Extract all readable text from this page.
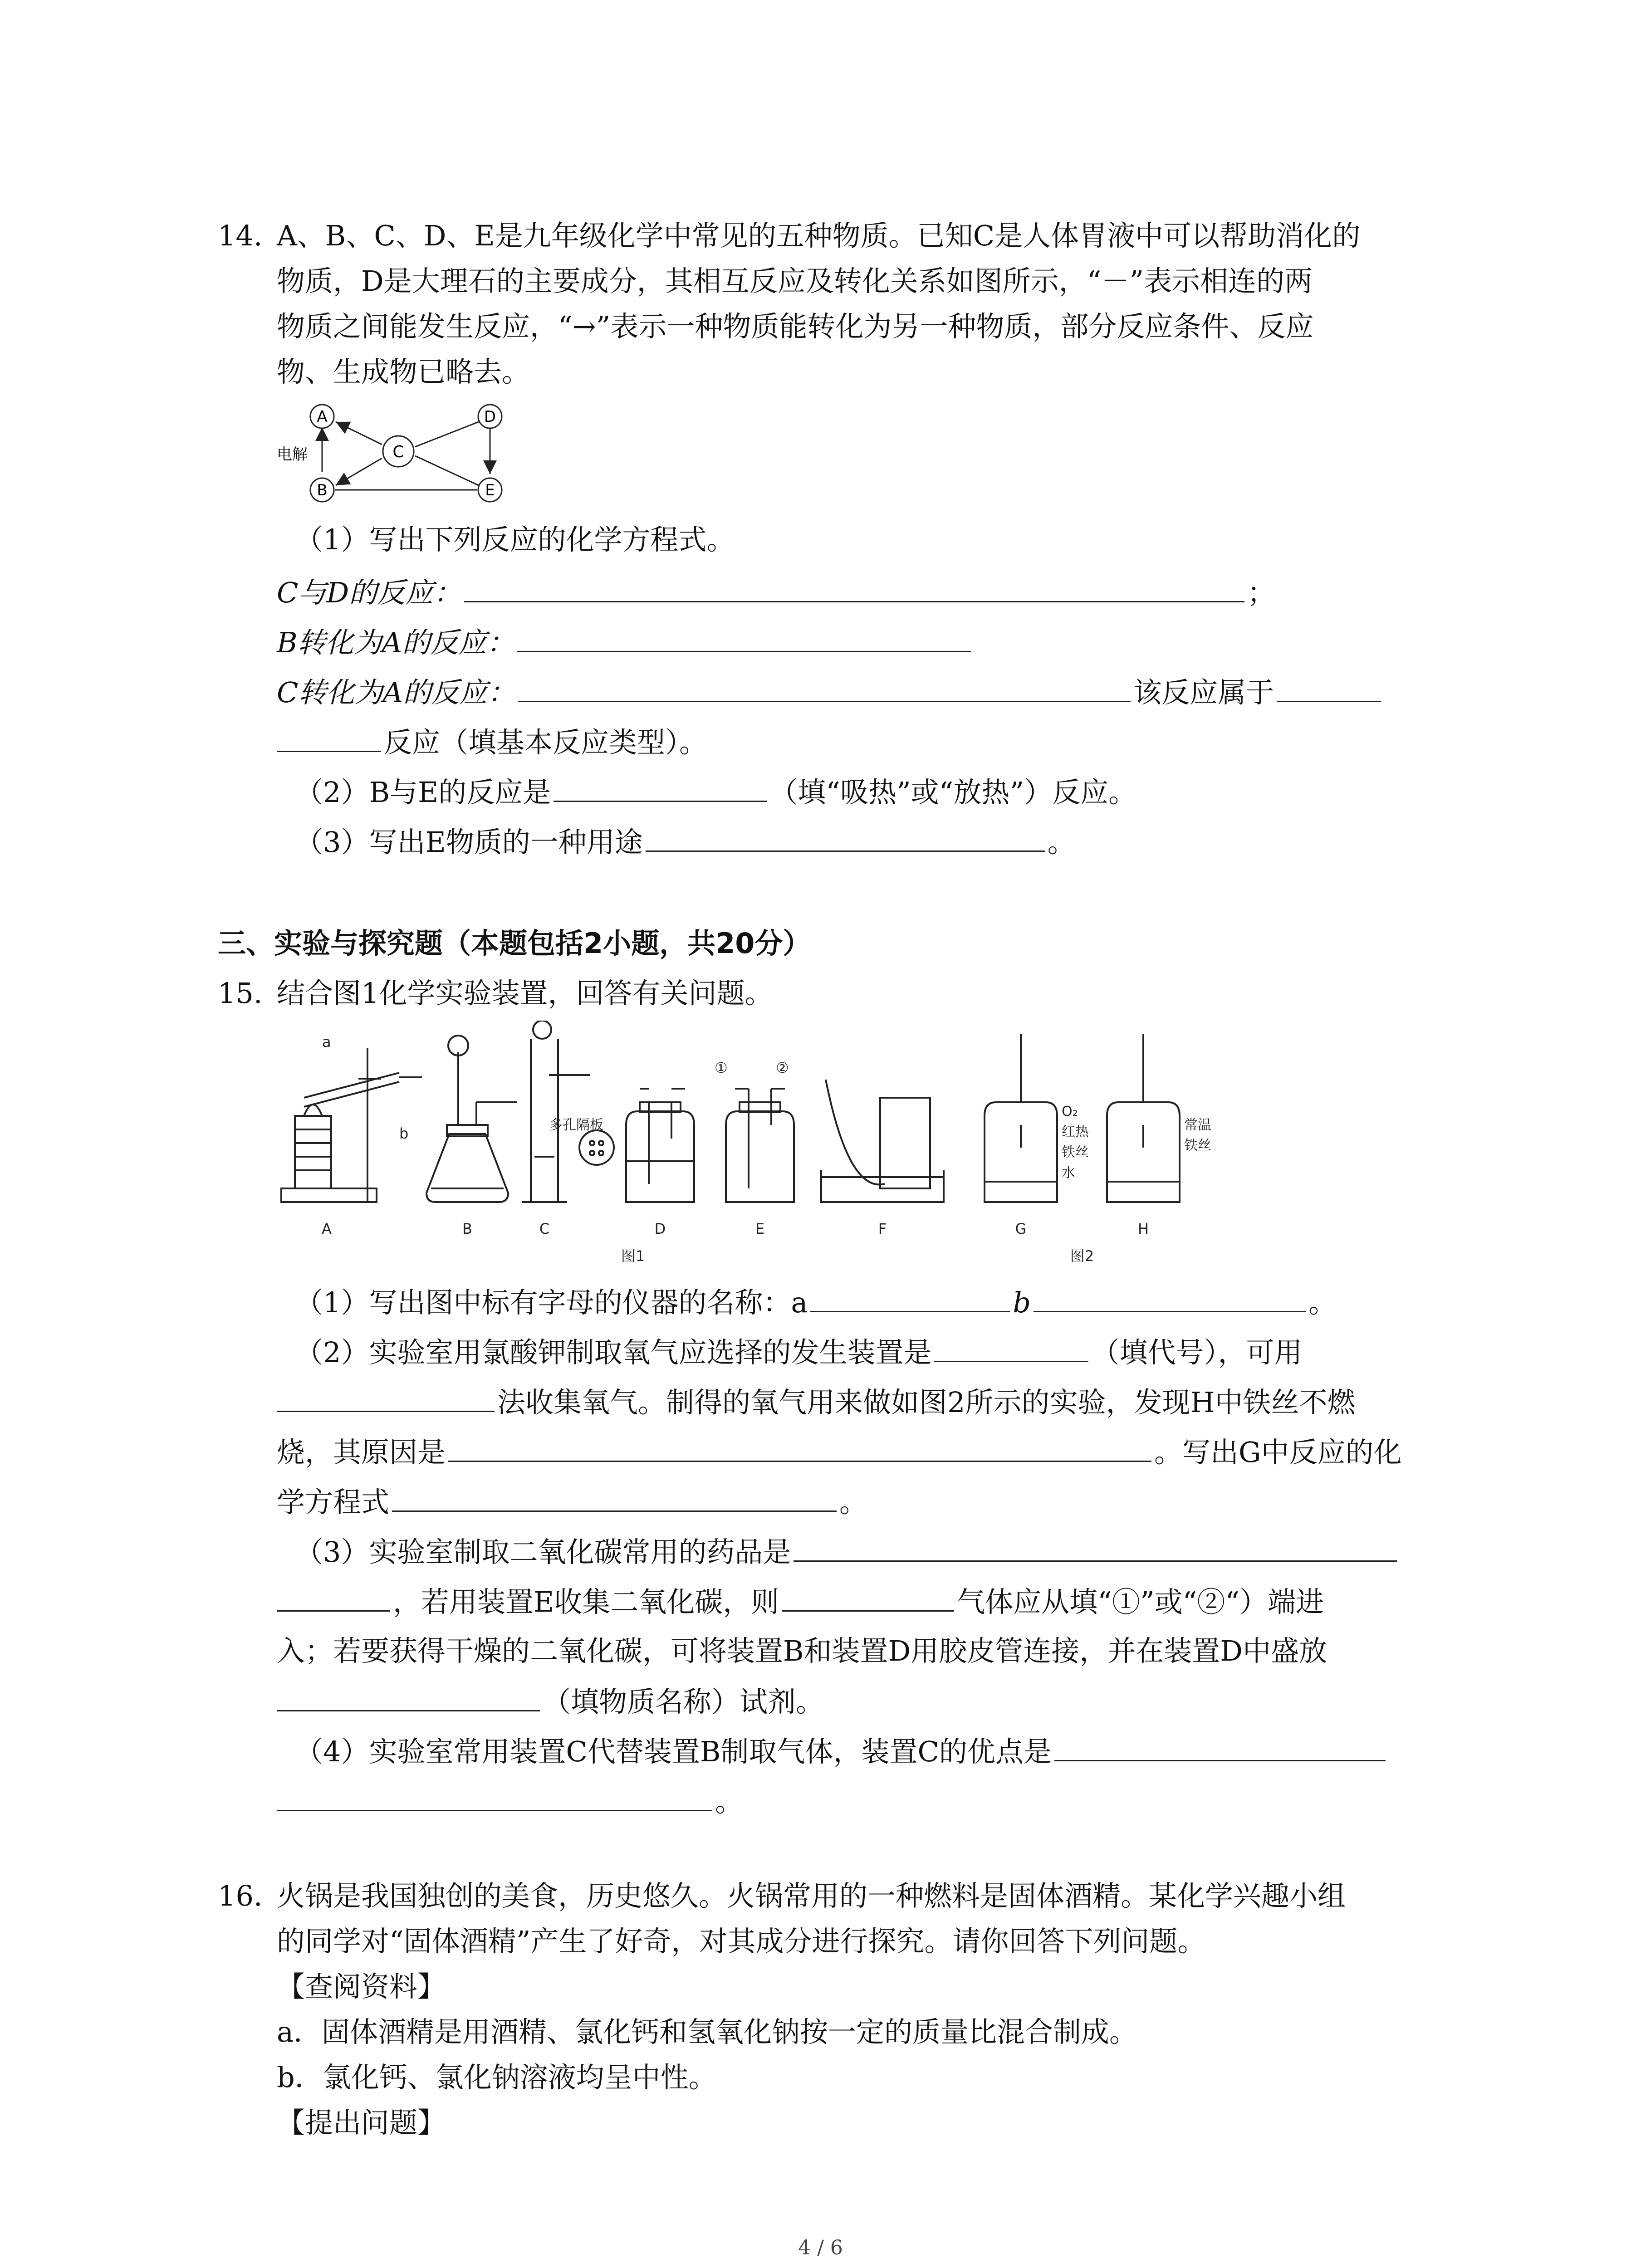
14. A、B、C、D、E是九年级化学中常见的五种物质。已知C是人体胃液中可以帮助消化的
物质，D是大理石的主要成分，其相互反应及转化关系如图所示，“－”表示相连的两
物质之间能发生反应，“→”表示一种物质能转化为另一种物质，部分反应条件、反应
物、生成物已略去。
A
B
C
D
E
电解
（1）写出下列反应的化学方程式。
C与D的反应：	；
B转化为A的反应：
C转化为A的反应：	该反应属于
反应（填基本反应类型）。
（2）B与E的反应是	（填“吸热”或“放热”）反应。
（3）写出E物质的一种用途	。
三、实验与探究题（本题包括2小题，共20分）
15. 结合图1化学实验装置，回答有关问题。
a
b	多孔隔板
①	②
O₂
红热
铁丝
水
常温
铁丝
A	B	C	D	E	F	G	H
图1	图2
（1）写出图中标有字母的仪器的名称：a	b	。
（2）实验室用氯酸钾制取氧气应选择的发生装置是	（填代号），可用
法收集氧气。制得的氧气用来做如图2所示的实验，发现H中铁丝不燃
烧，其原因是	。写出G中反应的化
学方程式	。
（3）实验室制取二氧化碳常用的药品是
，若用装置E收集二氧化碳，则	气体应从填“①”或“②“）端进
入；若要获得干燥的二氧化碳，可将装置B和装置D用胶皮管连接，并在装置D中盛放
（填物质名称）试剂。
（4）实验室常用装置C代替装置B制取气体，装置C的优点是
。
16. 火锅是我国独创的美食，历史悠久。火锅常用的一种燃料是固体酒精。某化学兴趣小组
的同学对“固体酒精”产生了好奇，对其成分进行探究。请你回答下列问题。
【查阅资料】
a．固体酒精是用酒精、氯化钙和氢氧化钠按一定的质量比混合制成。
b．氯化钙、氯化钠溶液均呈中性。
【提出问题】
4 / 6
